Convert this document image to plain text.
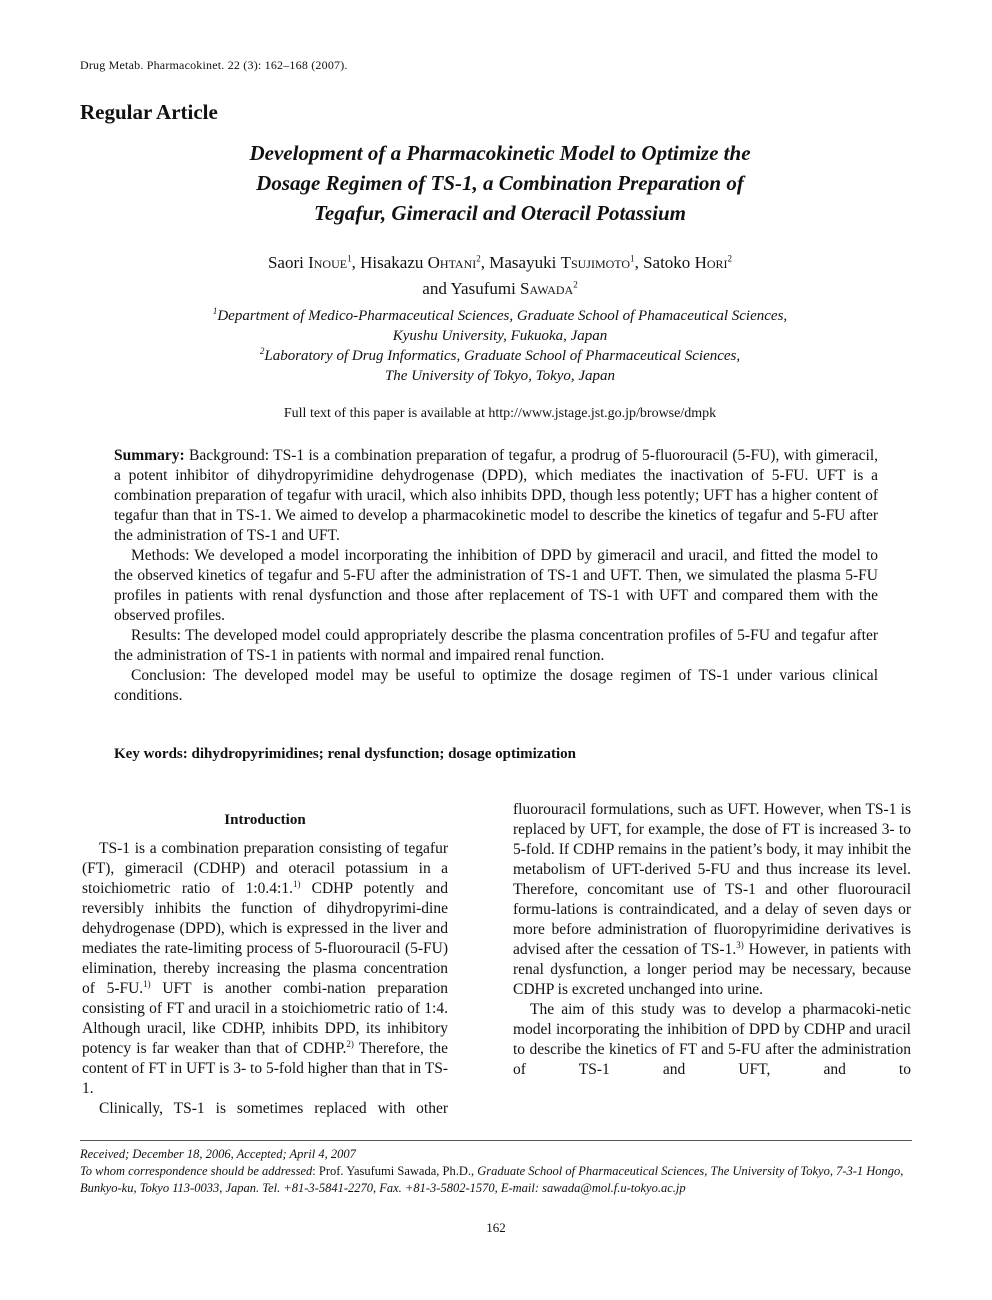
Drug Metab. Pharmacokinet. 22 (3): 162–168 (2007).
Regular Article
Development of a Pharmacokinetic Model to Optimize the
Dosage Regimen of TS-1, a Combination Preparation of
Tegafur, Gimeracil and Oteracil Potassium
Saori Inoue$^1$, Hisakazu Ohtani$^2$, Masayuki Tsujimoto$^1$, Satoko Hori$^2$
and Yasufumi Sawada$^2$
$^1$Department of Medico-Pharmaceutical Sciences, Graduate School of Phamaceutical Sciences,
Kyushu University, Fukuoka, Japan
$^2$Laboratory of Drug Informatics, Graduate School of Pharmaceutical Sciences,
The University of Tokyo, Tokyo, Japan
Full text of this paper is available at http://www.jstage.jst.go.jp/browse/dmpk

Summary: Background: TS-1 is a combination preparation of tegafur, a prodrug of 5-fluorouracil (5-FU), with gimeracil, a potent inhibitor of dihydropyrimidine dehydrogenase (DPD), which mediates the inactivation of 5-FU. UFT is a combination preparation of tegafur with uracil, which also inhibits DPD, though less potently; UFT has a higher content of tegafur than that in TS-1. We aimed to develop a pharmacokinetic model to describe the kinetics of tegafur and 5-FU after the administration of TS-1 and UFT.

Methods: We developed a model incorporating the inhibition of DPD by gimeracil and uracil, and fitted the model to the observed kinetics of tegafur and 5-FU after the administration of TS-1 and UFT. Then, we simulated the plasma 5-FU profiles in patients with renal dysfunction and those after replacement of TS-1 with UFT and compared them with the observed profiles.

Results: The developed model could appropriately describe the plasma concentration profiles of 5-FU and tegafur after the administration of TS-1 in patients with normal and impaired renal function.

Conclusion: The developed model may be useful to optimize the dosage regimen of TS-1 under various clinical conditions.

Key words: dihydropyrimidines; renal dysfunction; dosage optimization
Introduction

TS-1 is a combination preparation consisting of tegafur (FT), gimeracil (CDHP) and oteracil potassium in a stoichiometric ratio of 1:0.4:1.$^{1)}$ CDHP potently and reversibly inhibits the function of dihydropyrimi-dine dehydrogenase (DPD), which is expressed in the liver and mediates the rate-limiting process of 5-fluorouracil (5-FU) elimination, thereby increasing the plasma concentration of 5-FU.$^{1)}$ UFT is another combi-nation preparation consisting of FT and uracil in a stoichiometric ratio of 1:4. Although uracil, like CDHP, inhibits DPD, its inhibitory potency is far weaker than that of CDHP.$^{2)}$ Therefore, the content of FT in UFT is 3- to 5-fold higher than that in TS-1.

Clinically, TS-1 is sometimes replaced with other

fluorouracil formulations, such as UFT. However, when TS-1 is replaced by UFT, for example, the dose of FT is increased 3- to 5-fold. If CDHP remains in the patient’s body, it may inhibit the metabolism of UFT-derived 5-FU and thus increase its level. Therefore, concomitant use of TS-1 and other fluorouracil formu-lations is contraindicated, and a delay of seven days or more before administration of fluoropyrimidine derivatives is advised after the cessation of TS-1.$^{3)}$ However, in patients with renal dysfunction, a longer period may be necessary, because CDHP is excreted unchanged into urine.

The aim of this study was to develop a pharmacoki-netic model incorporating the inhibition of DPD by CDHP and uracil to describe the kinetics of FT and 5-FU after the administration of TS-1 and UFT, and to

Received; December 18, 2006, Accepted; April 4, 2007
To whom correspondence should be addressed: Prof. Yasufumi Sawada, Ph.D., Graduate School of Pharmaceutical Sciences, The University of Tokyo, 7-3-1 Hongo, Bunkyo-ku, Tokyo 113-0033, Japan. Tel. +81-3-5841-2270, Fax. +81-3-5802-1570, E-mail: sawada@mol.f.u-tokyo.ac.jp
162
